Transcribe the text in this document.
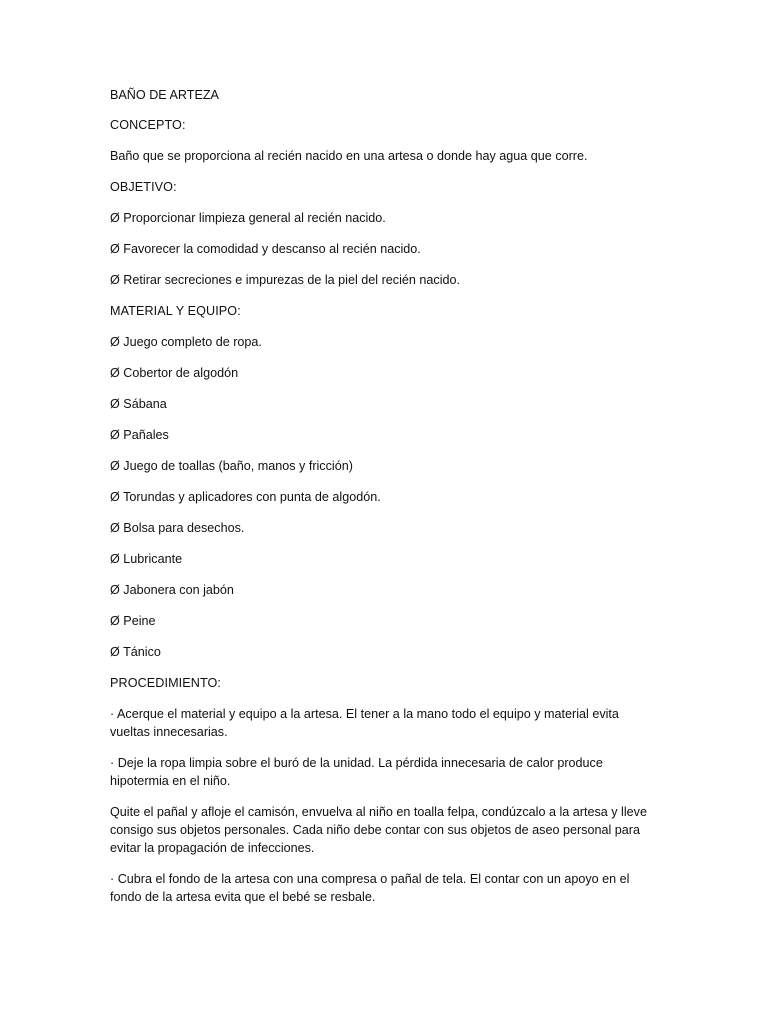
BAÑO DE ARTEZA

CONCEPTO:

Baño que se proporciona al recién nacido en una artesa o donde hay agua que corre.

OBJETIVO:

Ø Proporcionar limpieza general al recién nacido.

Ø Favorecer la comodidad y descanso al recién nacido.

Ø Retirar secreciones e impurezas de la piel del recién nacido.

MATERIAL Y EQUIPO:

Ø Juego completo de ropa.

Ø Cobertor de algodón

Ø Sábana

Ø Pañales

Ø Juego de toallas (baño, manos y fricción)

Ø Torundas y aplicadores con punta de algodón.

Ø Bolsa para desechos.

Ø Lubricante

Ø Jabonera con jabón

Ø Peine

Ø Tánico

PROCEDIMIENTO:

· Acerque el material y equipo a la artesa. El tener a la mano todo el equipo y material evita vueltas innecesarias.

· Deje la ropa limpia sobre el buró de la unidad. La pérdida innecesaria de calor produce hipotermia en el niño.

Quite el pañal y afloje el camisón, envuelva al niño en toalla felpa, condúzcalo a la artesa y lleve consigo sus objetos personales. Cada niño debe contar con sus objetos de aseo personal para evitar la propagación de infecciones.

· Cubra el fondo de la artesa con una compresa o pañal de tela. El contar con un apoyo en el fondo de la artesa evita que el bebé se resbale.
